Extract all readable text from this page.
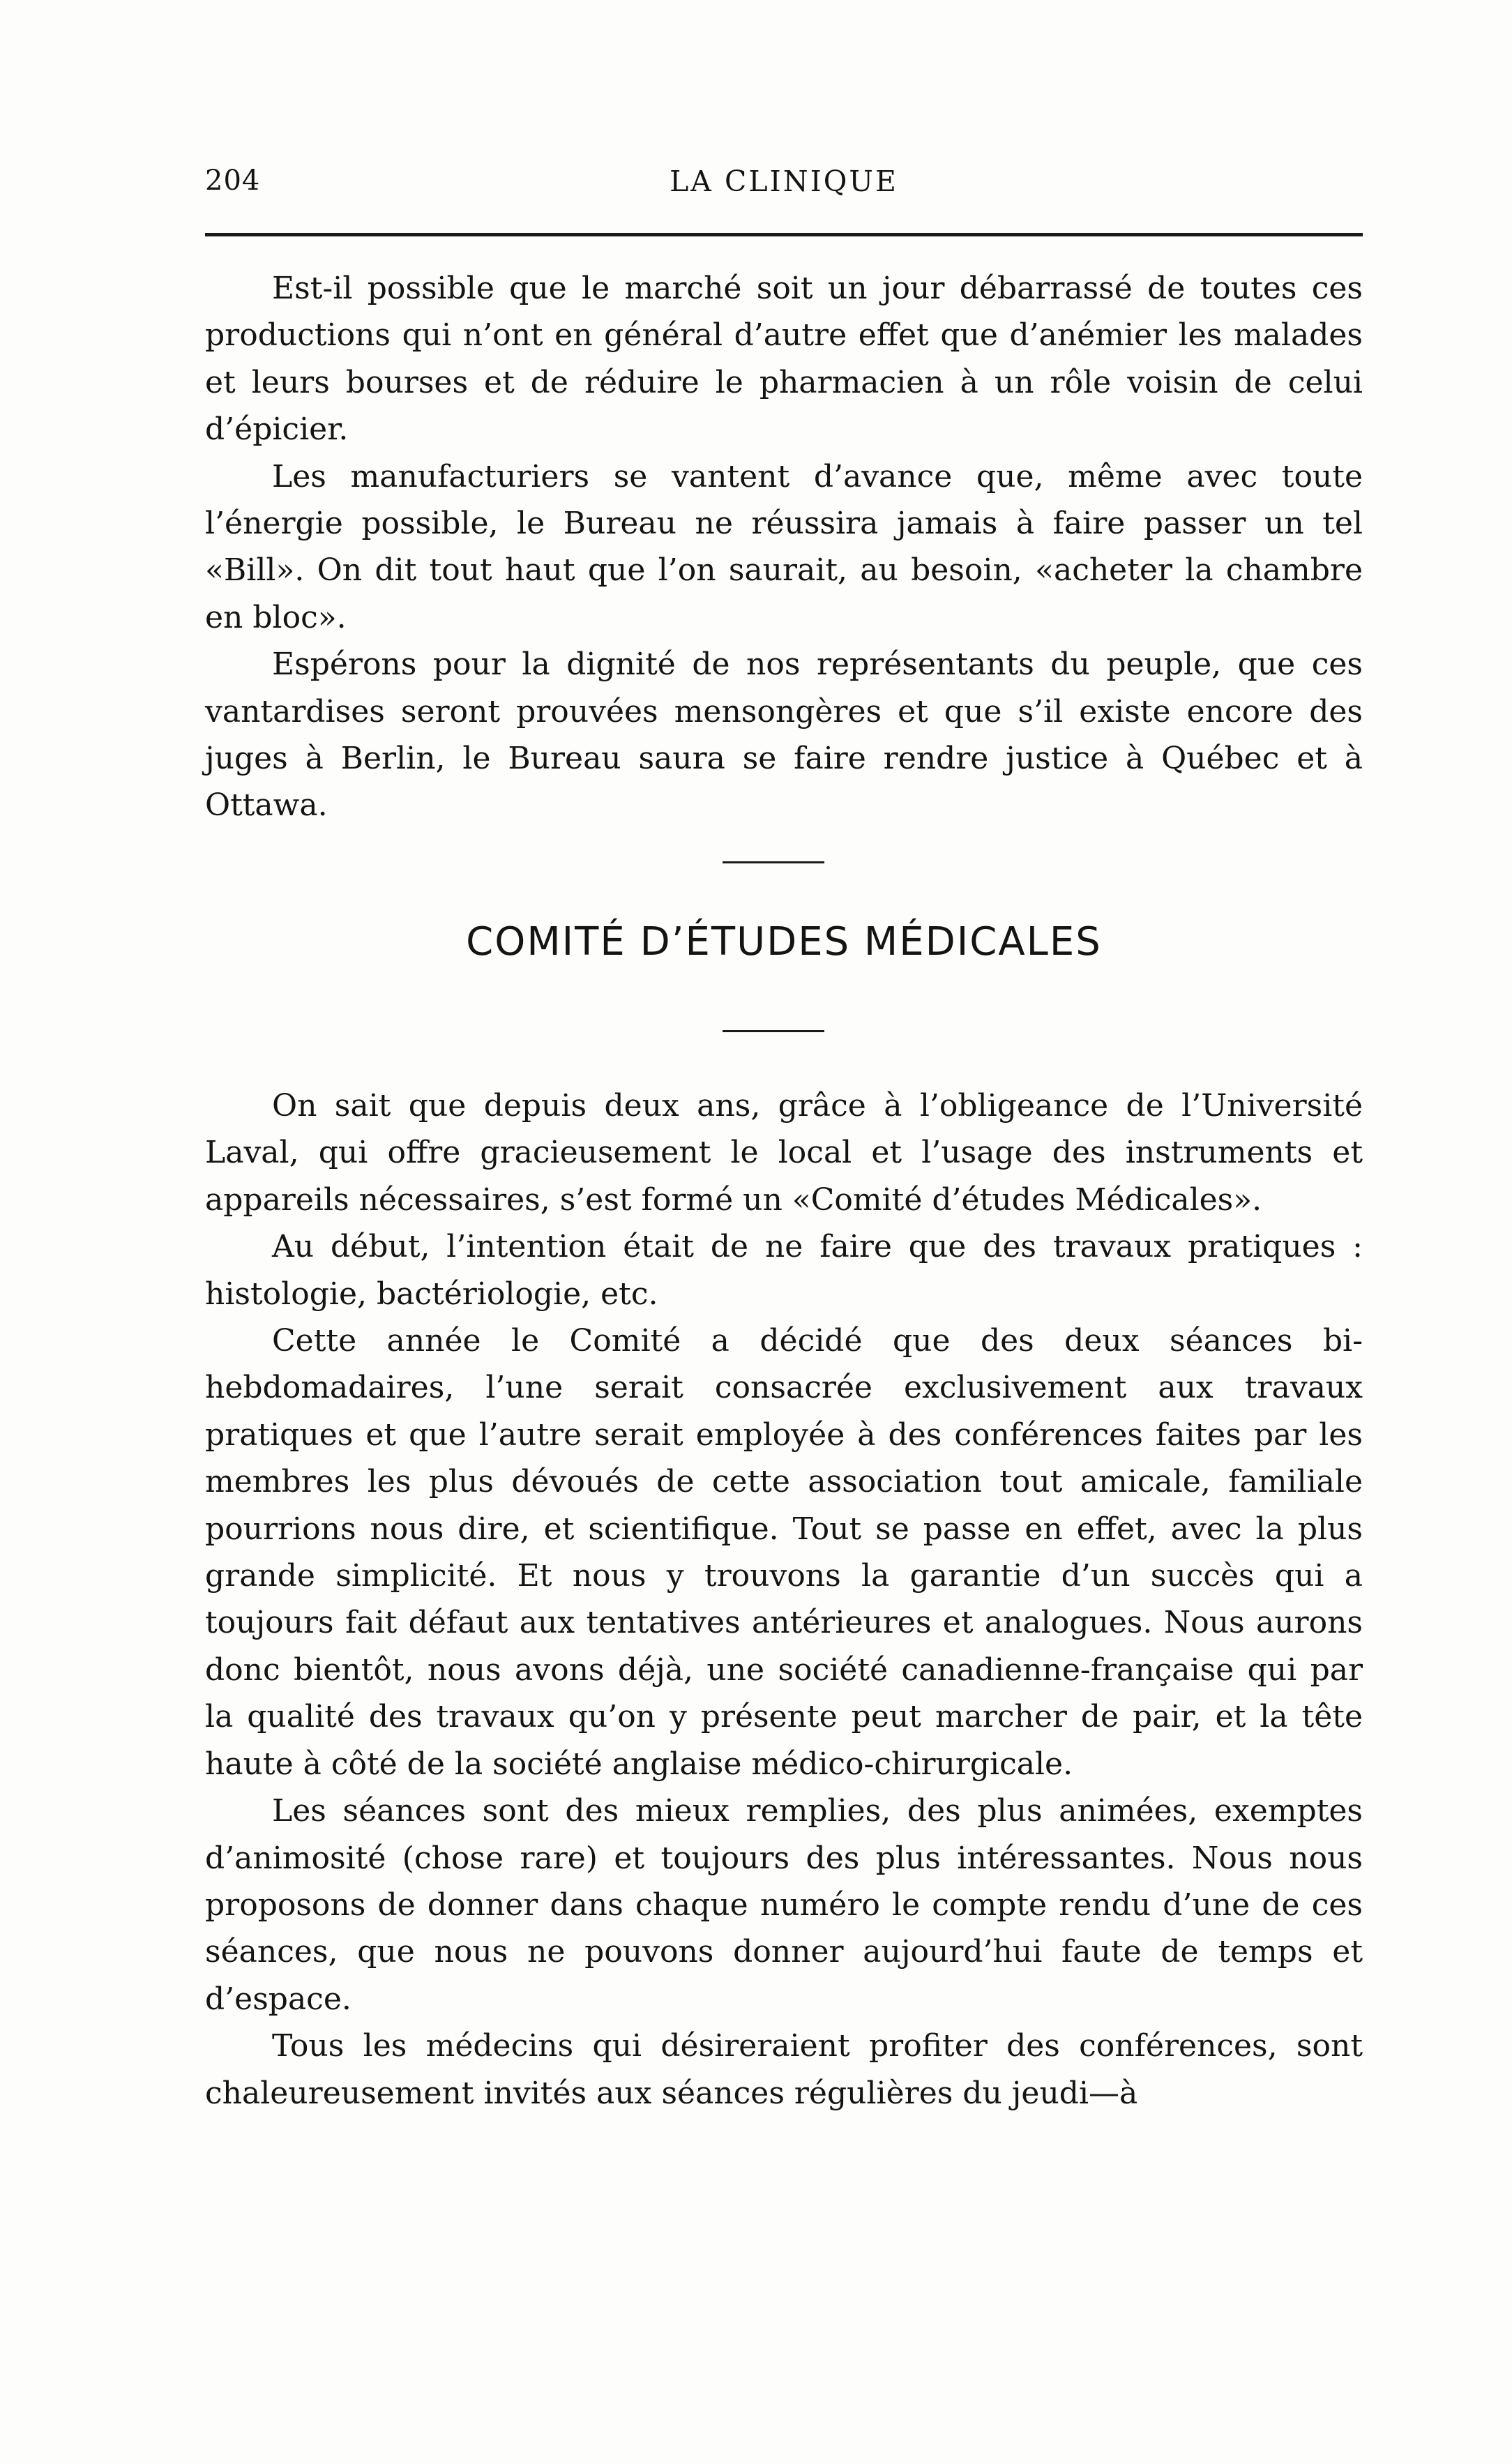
204	LA CLINIQUE

Est-il possible que le marché soit un jour débarrassé de toutes ces productions qui n’ont en général d’autre effet que d’anémier les malades et leurs bourses et de réduire le pharmacien à un rôle voisin de celui d’épicier.

Les manufacturiers se vantent d’avance que, même avec toute l’énergie possible, le Bureau ne réussira jamais à faire passer un tel «Bill». On dit tout haut que l’on saurait, au besoin, «acheter la chambre en bloc».

Espérons pour la dignité de nos représentants du peuple, que ces vantardises seront prouvées mensongères et que s’il existe encore des juges à Berlin, le Bureau saura se faire rendre justice à Québec et à Ottawa.

COMITÉ D’ÉTUDES MÉDICALES

On sait que depuis deux ans, grâce à l’obligeance de l’Université Laval, qui offre gracieusement le local et l’usage des instruments et appareils nécessaires, s’est formé un «Comité d’études Médicales».

Au début, l’intention était de ne faire que des travaux pratiques : histologie, bactériologie, etc.

Cette année le Comité a décidé que des deux séances bi-hebdomadaires, l’une serait consacrée exclusivement aux travaux pratiques et que l’autre serait employée à des conférences faites par les membres les plus dévoués de cette association tout amicale, familiale pourrions nous dire, et scientifique. Tout se passe en effet, avec la plus grande simplicité. Et nous y trouvons la garantie d’un succès qui a toujours fait défaut aux tentatives antérieures et analogues. Nous aurons donc bientôt, nous avons déjà, une société canadienne-française qui par la qualité des travaux qu’on y présente peut marcher de pair, et la tête haute à côté de la société anglaise médico-chirurgicale.

Les séances sont des mieux remplies, des plus animées, exemptes d’animosité (chose rare) et toujours des plus intéressantes. Nous nous proposons de donner dans chaque numéro le compte rendu d’une de ces séances, que nous ne pouvons donner aujourd’hui faute de temps et d’espace.

Tous les médecins qui désireraient profiter des conférences, sont chaleureusement invités aux séances régulières du jeudi—à
